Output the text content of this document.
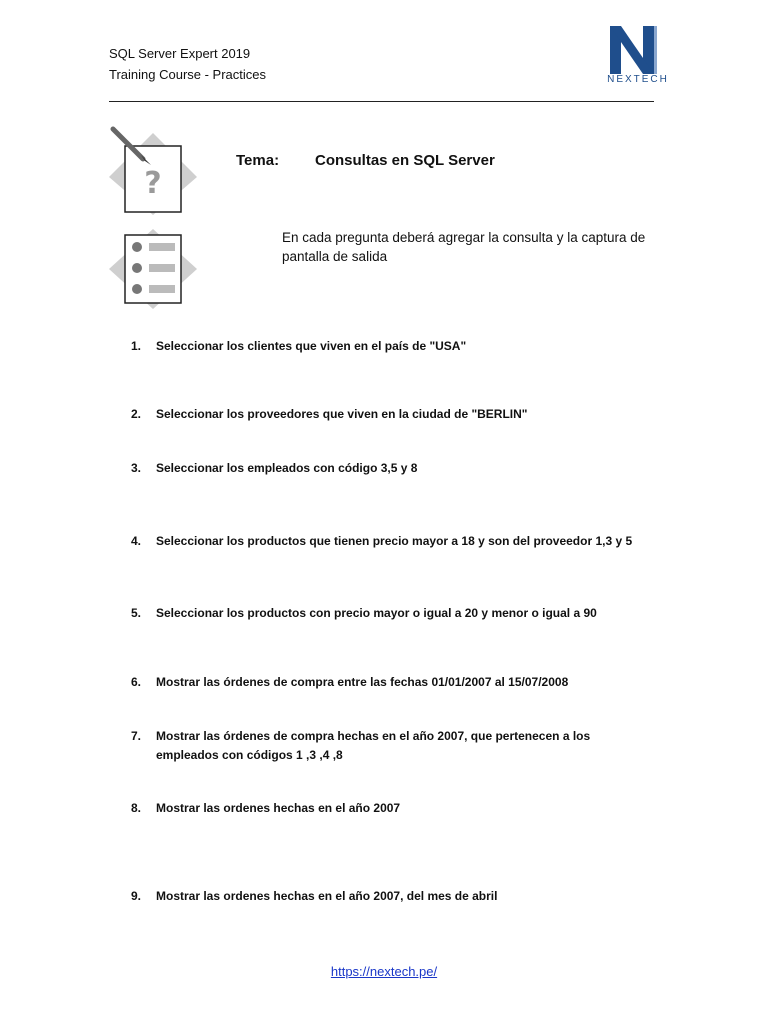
SQL Server Expert 2019
Training Course - Practices	NEXTECH
?
Tema: Consultas en SQL Server
En cada pregunta deberá agregar la consulta y la captura de pantalla de salida
1.	Seleccionar los clientes que viven en el país de "USA"
2.	Seleccionar los proveedores que viven en la ciudad de "BERLIN"
3.	Seleccionar los empleados con código 3,5 y 8
4.	Seleccionar los productos que tienen precio mayor a 18 y son del proveedor 1,3 y 5
5.	Seleccionar los productos con precio mayor o igual a 20 y menor o igual a 90
6.	Mostrar las órdenes de compra entre las fechas 01/01/2007 al 15/07/2008
7.	Mostrar las órdenes de compra hechas en el año 2007, que pertenecen a los empleados con códigos 1 ,3 ,4 ,8
8.	Mostrar las ordenes hechas en el año 2007
9.	Mostrar las ordenes hechas en el año 2007, del mes de abril
https://nextech.pe/
